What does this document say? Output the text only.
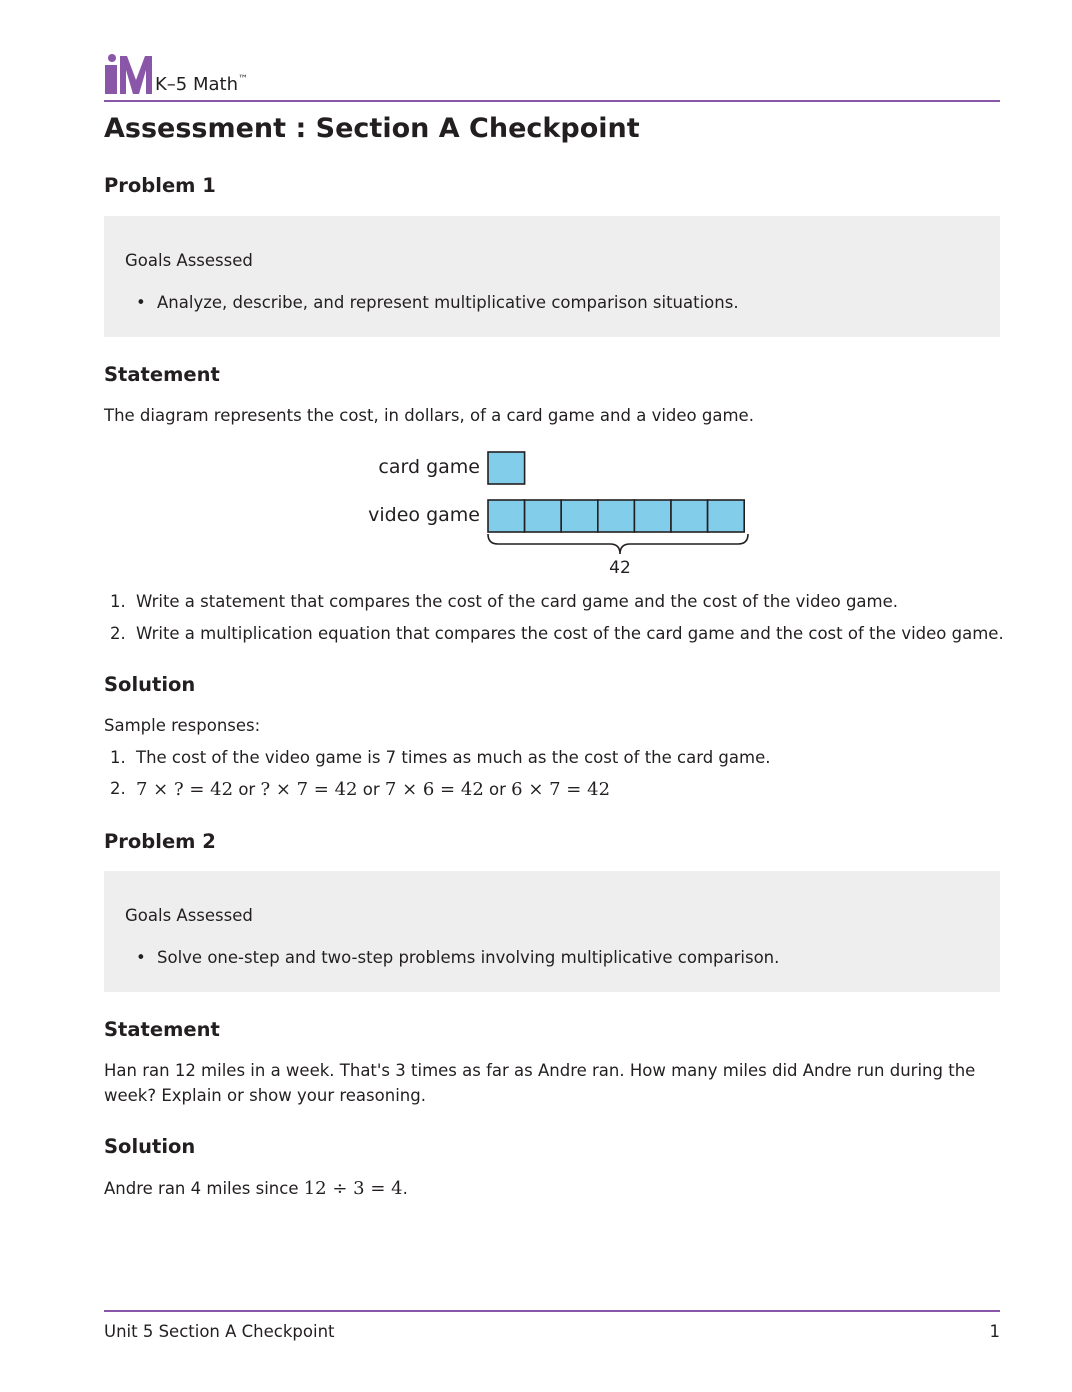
K–5 Math™
Assessment : Section A Checkpoint
Problem 1
Goals Assessed
• Analyze, describe, and represent multiplicative comparison situations.
Statement

The diagram represents the cost, in dollars, of a card game and a video game.

card game
video game
42
1. Write a statement that compares the cost of the card game and the cost of the video game.
2. Write a multiplication equation that compares the cost of the card game and the cost of the video game.
Solution

Sample responses:

1. The cost of the video game is 7 times as much as the cost of the card game.
2. 7 × ? = 42 or ? × 7 = 42 or 7 × 6 = 42 or 6 × 7 = 42
Problem 2
Goals Assessed
• Solve one-step and two-step problems involving multiplicative comparison.
Statement

Han ran 12 miles in a week. That's 3 times as far as Andre ran. How many miles did Andre run during the

week? Explain or show your reasoning.

Solution

Andre ran 4 miles since 12 ÷ 3 = 4.

Unit 5 Section A Checkpoint	1
